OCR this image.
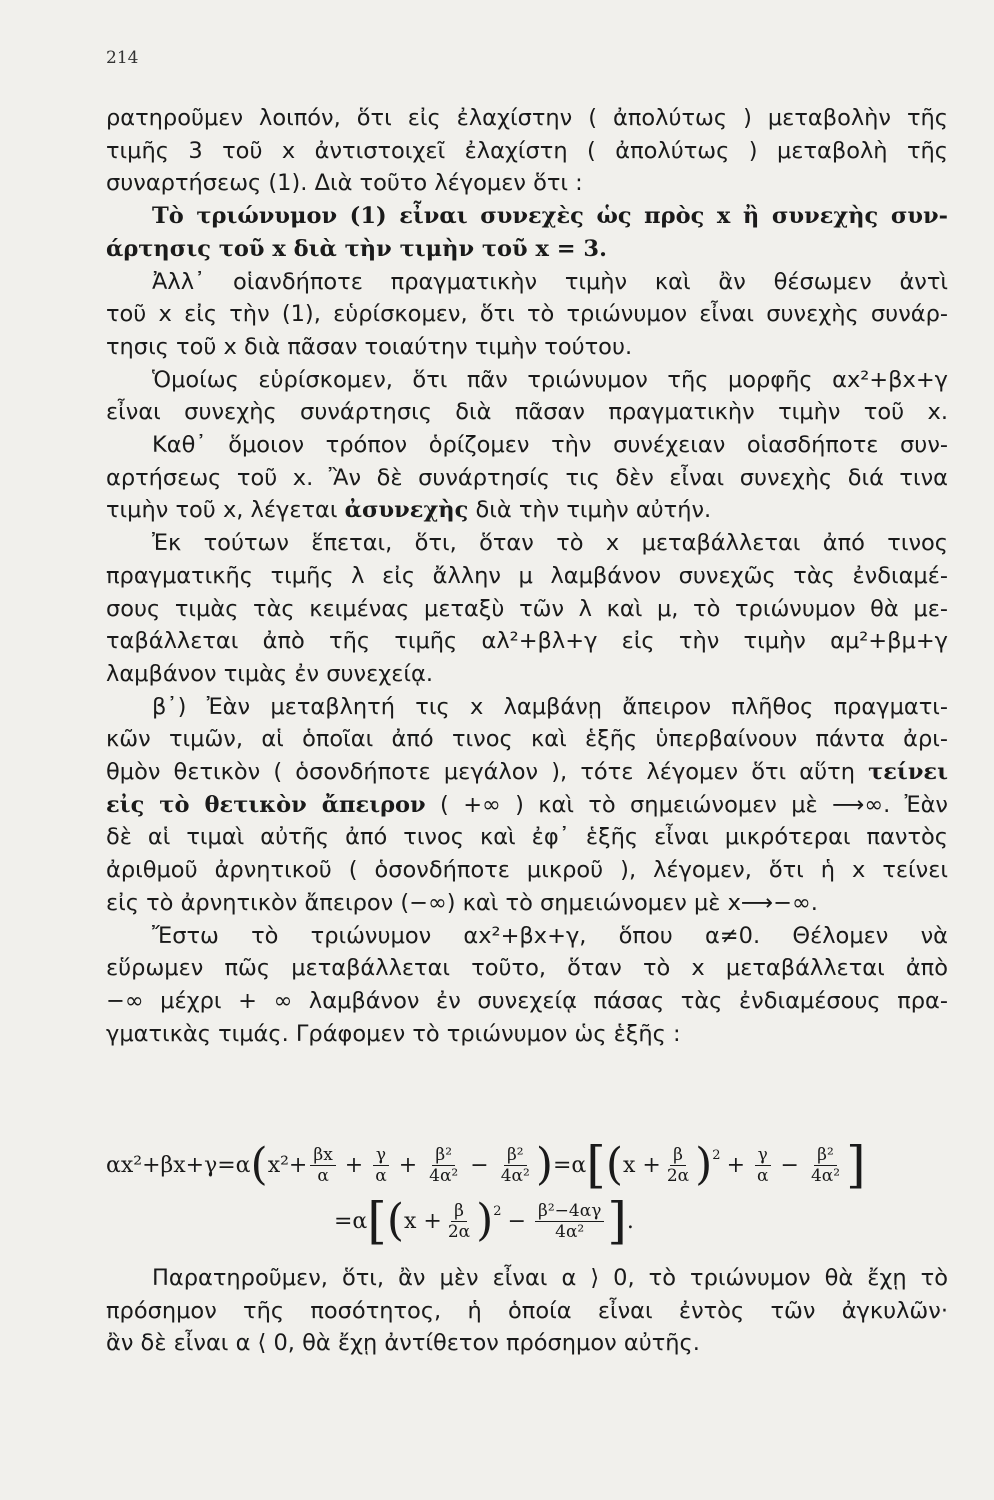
214
ρατηροῦμεν λοιπόν, ὅτι εἰς ἐλαχίστην ( ἀπολύτως ) μεταβολὴν τῆς
τιμῆς 3 τοῦ x ἀντιστοιχεῖ ἐλαχίστη ( ἀπολύτως ) μεταβολὴ τῆς
συναρτήσεως (1). Διὰ τοῦτο λέγομεν ὅτι :
Τὸ τριώνυμον (1) εἶναι συνεχὲς ὡς πρὸς x ἢ συνεχὴς συν-
άρτησις τοῦ x διὰ τὴν τιμὴν τοῦ x = 3.
Ἀλλ᾽ οἱανδήποτε πραγματικὴν τιμὴν καὶ ἂν θέσωμεν ἀντὶ
τοῦ x εἰς τὴν (1), εὑρίσκομεν, ὅτι τὸ τριώνυμον εἶναι συνεχὴς συνάρ-
τησις τοῦ x διὰ πᾶσαν τοιαύτην τιμὴν τούτου.
Ὁμοίως εὑρίσκομεν, ὅτι πᾶν τριώνυμον τῆς μορφῆς αx²+βx+γ
εἶναι συνεχὴς συνάρτησις διὰ πᾶσαν πραγματικὴν τιμὴν τοῦ x.
Καθ᾽ ὅμοιον τρόπον ὁρίζομεν τὴν συνέχειαν οἱασδήποτε συν-
αρτήσεως τοῦ x. Ἂν δὲ συνάρτησίς τις δὲν εἶναι συνεχὴς διά τινα
τιμὴν τοῦ x, λέγεται ἀσυνεχὴς διὰ τὴν τιμὴν αὐτήν.
Ἐκ τούτων ἕπεται, ὅτι, ὅταν τὸ x μεταβάλλεται ἀπό τινος
πραγματικῆς τιμῆς λ εἰς ἄλλην μ λαμβάνον συνεχῶς τὰς ἐνδιαμέ-
σους τιμὰς τὰς κειμένας μεταξὺ τῶν λ καὶ μ, τὸ τριώνυμον θὰ με-
ταβάλλεται ἀπὸ τῆς τιμῆς αλ²+βλ+γ εἰς τὴν τιμὴν αμ²+βμ+γ
λαμβάνον τιμὰς ἐν συνεχείᾳ.
β᾽) Ἐὰν μεταβλητή τις x λαμβάνῃ ἄπειρον πλῆθος πραγματι-
κῶν τιμῶν, αἱ ὁποῖαι ἀπό τινος καὶ ἑξῆς ὑπερβαίνουν πάντα ἀρι-
θμὸν θετικὸν ( ὁσονδήποτε μεγάλον ), τότε λέγομεν ὅτι αὕτη τείνει
εἰς τὸ θετικὸν ἄπειρον ( +∞ ) καὶ τὸ σημειώνομεν μὲ ⟶∞. Ἐὰν
δὲ αἱ τιμαὶ αὐτῆς ἀπό τινος καὶ ἐφ᾽ ἑξῆς εἶναι μικρότεραι παντὸς
ἀριθμοῦ ἀρνητικοῦ ( ὁσονδήποτε μικροῦ ), λέγομεν, ὅτι ἡ x τείνει
εἰς τὸ ἀρνητικὸν ἄπειρον (−∞) καὶ τὸ σημειώνομεν μὲ x⟶−∞.
Ἔστω τὸ τριώνυμον αx²+βx+γ, ὅπου α≠0. Θέλομεν νὰ
εὕρωμεν πῶς μεταβάλλεται τοῦτο, ὅταν τὸ x μεταβάλλεται ἀπὸ
−∞ μέχρι + ∞ λαμβάνον ἐν συνεχείᾳ πάσας τὰς ἐνδιαμέσους πρα-
γματικὰς τιμάς. Γράφομεν τὸ τριώνυμον ὡς ἑξῆς :
αx²+βx+γ=α ( $x^2+ \frac{\beta x}{\alpha} + \frac{\gamma}{\alpha} + \frac{\text{β²}}{\text{4α²}} - \frac{\text{β²}}{\text{4α²}}$ ) =α [ ( $x + \frac{\beta}{2\alpha} )^2 + \frac{\gamma}{\alpha} - \frac{\text{β²}}{\text{4α²}}$ ]
=α [ ( $x + \frac{\beta}{2\alpha} )^2 - \frac{\text{β²−4αγ}}{\text{4α²}}$ ] .
Παρατηροῦμεν, ὅτι, ἂν μὲν εἶναι α ⟩ 0, τὸ τριώνυμον θὰ ἔχῃ τὸ
πρόσημον τῆς ποσότητος, ἡ ὁποία εἶναι ἐντὸς τῶν ἀγκυλῶν·
ἂν δὲ εἶναι α ⟨ 0, θὰ ἔχῃ ἀντίθετον πρόσημον αὐτῆς.
